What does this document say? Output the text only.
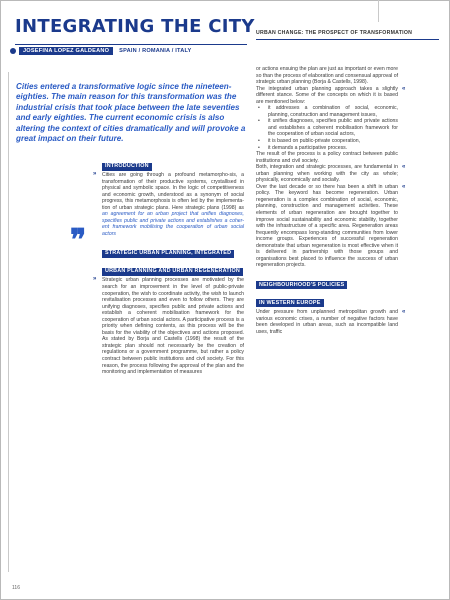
INTEGRATING THE CITY URBAN CHANGE: THE PROSPECT OF TRANSFORMATION
JOSEFINA LOPEZ GALDEANO	SPAIN / ROMANIA / ITALY

Cities entered a transformative logic since the nineteen-eighties. The main reason for this transformation was the industrial crisis that took place between the late seventies and early eighties. The current economic crisis is also altering the context of cities dramatically and will provoke a great impact on their future.

❞
INTRODUCTION
» Cities are going through a profound metamorpho-sis, a transformation of their productive systems, crystallised in physical and symbolic space. In the logic of competitiveness and economic growth, understood as a synonym of social progress, this metamorphosis is often led by the implementa-tion of urban strategic plans. Here strategic plans (1998) as an agreement for an urban project that unifies diagnoses, specifies public and private actions and establishes a coher-ent framework mobilising the cooperation of urban social actors

STRATEGIC URBAN PLANNING, INTEGRATED
URBAN PLANNING AND URBAN REGENERATION
» Strategic urban planning processes are motivated by the search for an improvement in the level of public-private cooperation, the wish to coordinate activity, the wish to launch revitalisation processes and even to follow others. They are unifying diagnoses, specifies public and private actions and establish a coherent mobilisation framework for the cooperation of urban social actors. A participative process is a priority when defining contents, as this process will be the basis for the viability of the objectives and actions proposed. As stated by Borja and Castells (1998) the result of the strategic plan should not necessarily be the creation of regulations or a government programme, but rather a policy contract between public institutions and civil society. For this reason, the process following the approval of the plan and the monitoring and implementation of measures

or actions ensuing the plan are just as important or even more so than the process of elaboration and consensual approval of strategic urban planning (Borja & Castells, 1998).

«

The integrated urban planning approach takes a slightly different stance. Some of the concepts on which it is based are mentioned below:

• it addresses a combination of social, economic, planning, construction and management issues,
• it unifies diagnoses, specifies public and private actions and establishes a coherent mobilisation framework for the cooperation of urban social actors,
• it is based on public-private cooperation,
• it demands a participative process.

The result of the process is a policy contract between public institutions and civil society.

«

Both, integration and strategic processes, are fundamental in urban planning when working with the city as whole; physically, economically and socially.

«

Over the last decade or so there has been a shift in urban policy. The keyword has become regeneration. Urban regeneration is a complex combination of social, economic, planning, construction and management activities. These elements of urban regeneration are brought together to improve social sustainability and economic stability, together with the infrastructure of a specific area. Regeneration areas frequently encompass long-standing communities from lower income groups. Experiences of successful regeneration demonstrate that urban regeneration is most effective when it is delivered in partnership with those groups and organisations best placed to influence the success of urban regeneration projects.

NEIGHBOURHOOD'S POLICIES
IN WESTERN EUROPE
«

Under pressure from unplanned metropolitan growth and various economic crises, a number of negative factors have been developed in urban areas, such as incompatible land uses, traffic

116
